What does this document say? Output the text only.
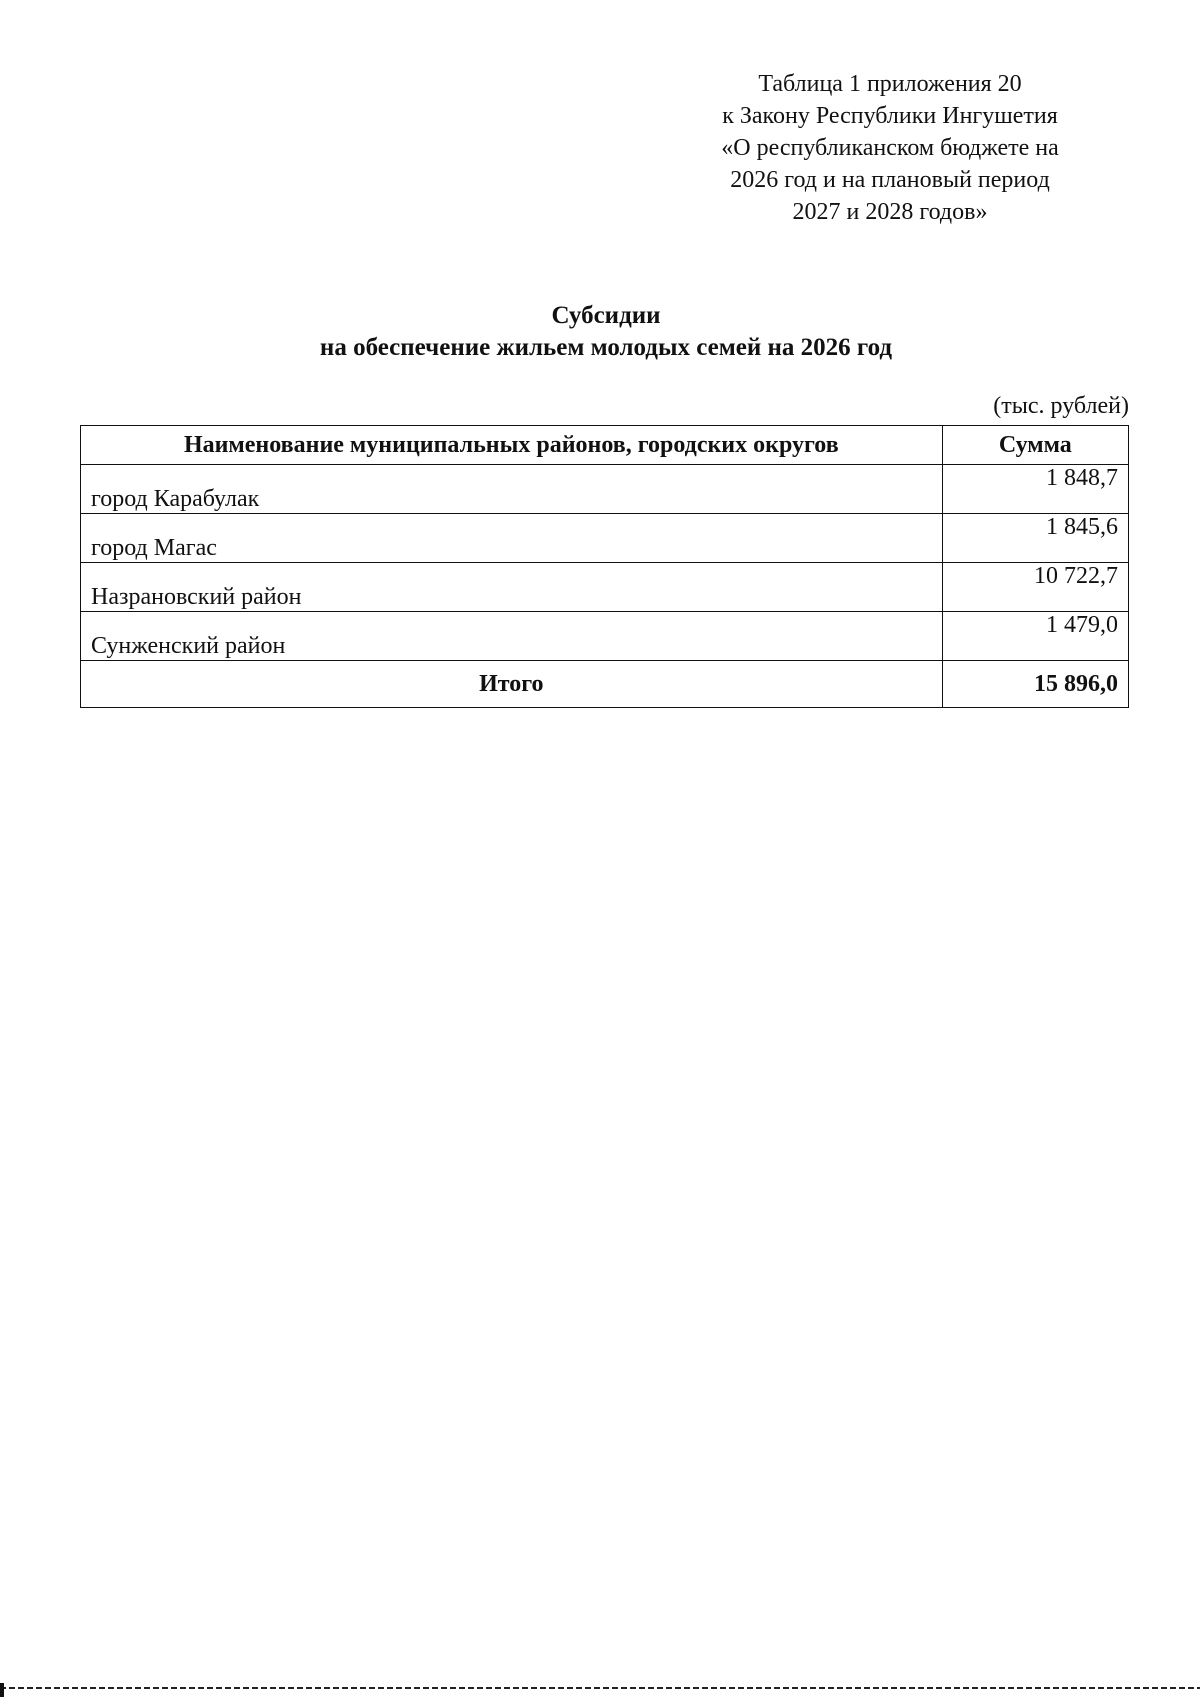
Таблица 1 приложения 20
к Закону Республики Ингушетия
«О республиканском бюджете на
2026 год и на плановый период
2027 и 2028 годов»
Субсидии
на обеспечение жильем молодых семей на 2026 год
(тыс. рублей)
Наименование муниципальных районов, городских округов	Сумма
город Карабулак	1 848,7
город Магас	1 845,6
Назрановский район	10 722,7
Сунженский район	1 479,0
Итого	15 896,0
